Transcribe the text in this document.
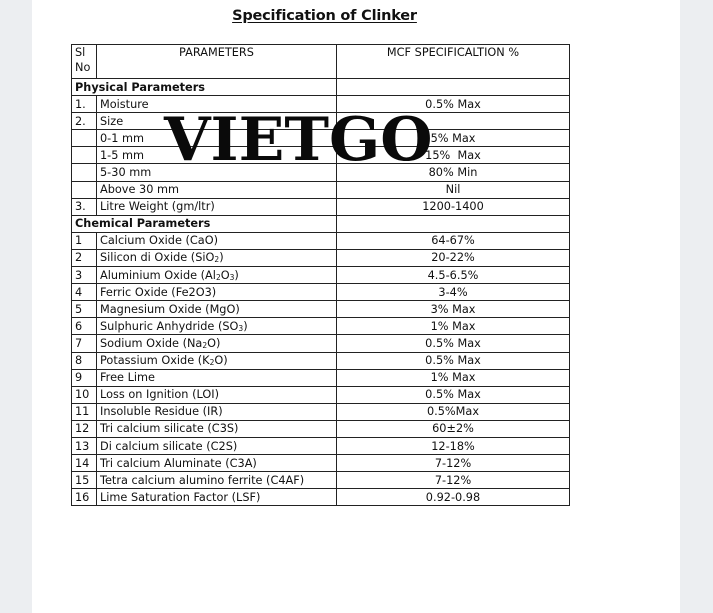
Specification of Clinker
Sl No	PARAMETERS	MCF SPECIFICALTION %
Physical Parameters		
1.	Moisture	0.5% Max
2.	Size	
	0-1 mm	5% Max
	1-5 mm	15%  Max
	5-30 mm	80% Min
	Above 30 mm	Nil
3.	Litre Weight (gm/ltr)	1200-1400
Chemical Parameters		
1	Calcium Oxide (CaO)	64-67%
2	Silicon di Oxide (SiO$_2$)	20-22%
3	Aluminium Oxide $(Al_2O_3)$	4.5-6.5%
4	Ferric Oxide (Fe2O3)	3-4%
5	Magnesium Oxide (MgO)	3% Max
6	Sulphuric Anhydride $(SO_3)$	1% Max
7	Sodium Oxide $(Na_2O)$	0.5% Max
8	Potassium Oxide $(K_2O)$	0.5% Max
9	Free Lime	1% Max
10	Loss on Ignition (LOI)	0.5% Max
11	Insoluble Residue (IR)	0.5%Max
12	Tri calcium silicate (C3S)	60±2%
13	Di calcium silicate (C2S)	12-18%
14	Tri calcium Aluminate (C3A)	7-12%
15	Tetra calcium alumino ferrite (C4AF)	7-12%
16	Lime Saturation Factor (LSF)	0.92-0.98
VIETGO
